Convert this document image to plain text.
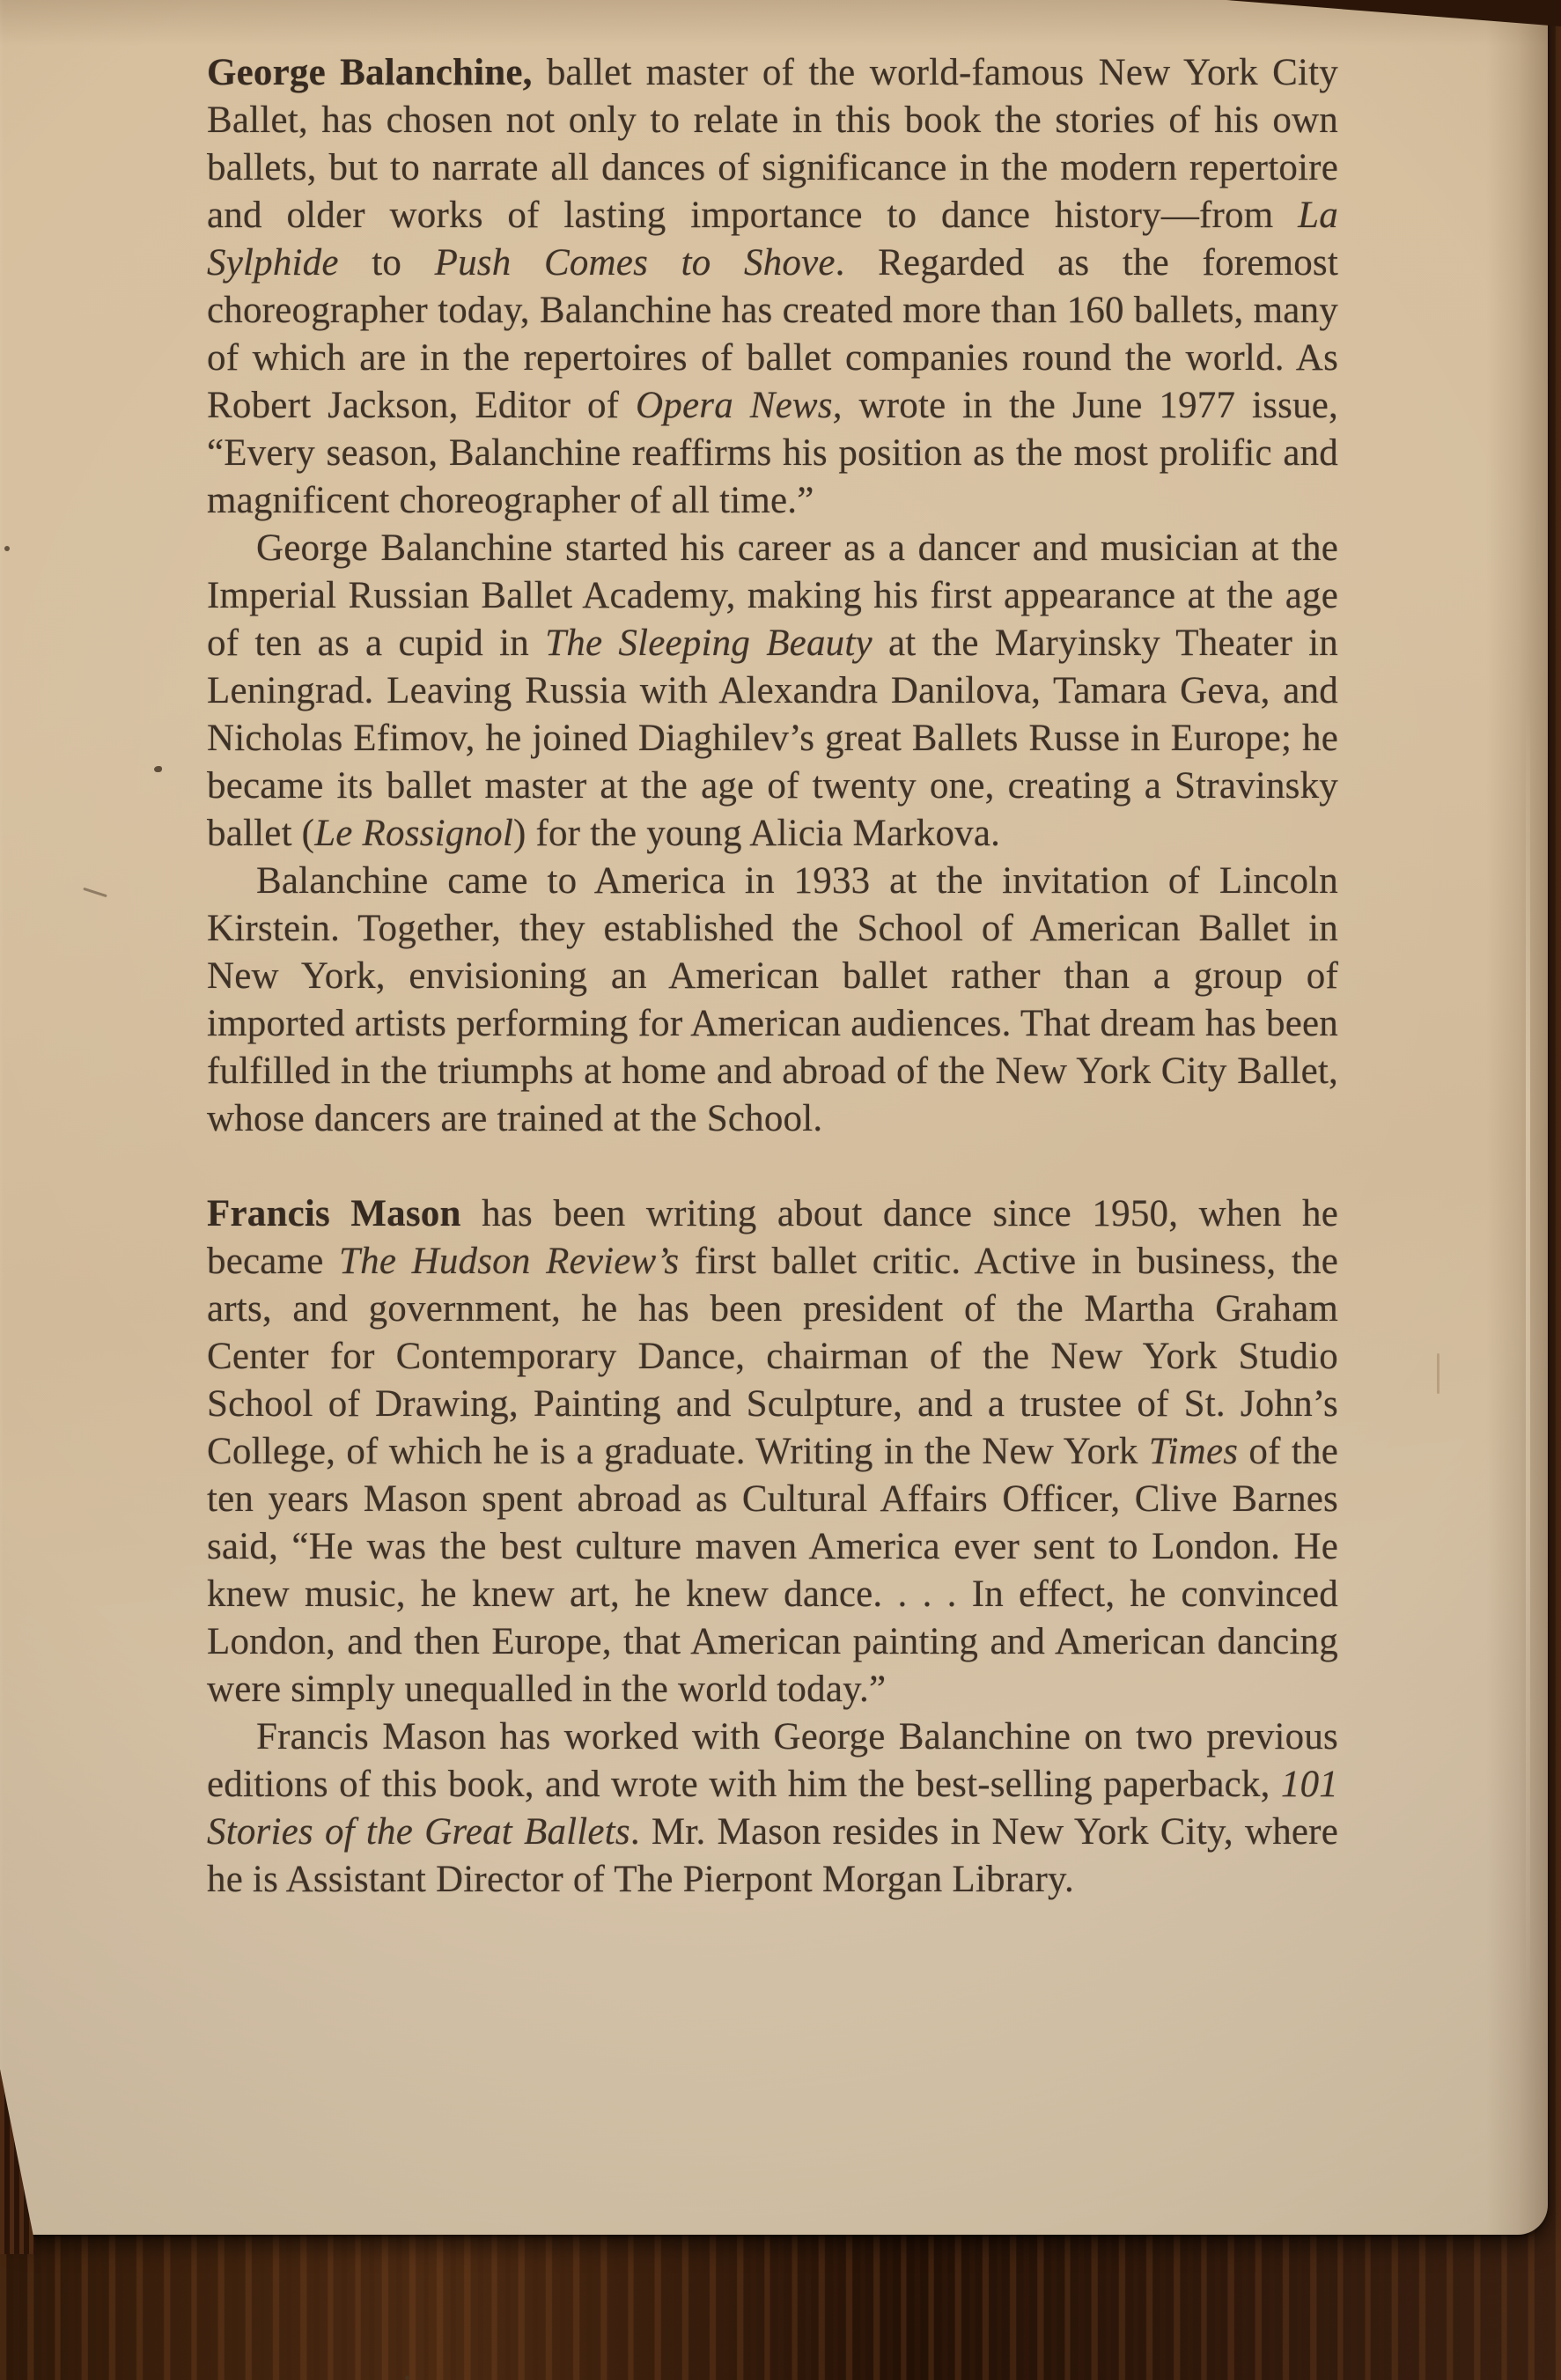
George Balanchine, ballet master of the world-famous New York City Ballet, has chosen not only to relate in this book the stories of his own ballets, but to narrate all dances of significance in the modern repertoire and older works of lasting importance to dance history—from La Sylphide to Push Comes to Shove. Regarded as the foremost choreographer today, Balanchine has created more than 160 ballets, many of which are in the repertoires of ballet companies round the world. As Robert Jackson, Editor of Opera News, wrote in the June 1977 issue, “Every season, Balanchine reaffirms his position as the most prolific and magnificent choreographer of all time.”

George Balanchine started his career as a dancer and musician at the Imperial Russian Ballet Academy, making his first appearance at the age of ten as a cupid in The Sleeping Beauty at the Maryinsky Theater in Leningrad. Leaving Russia with Alexandra Danilova, Tamara Geva, and Nicholas Efimov, he joined Diaghilev’s great Ballets Russe in Europe; he became its ballet master at the age of twenty one, creating a Stravinsky ballet (Le Rossignol) for the young Alicia Markova.

Balanchine came to America in 1933 at the invitation of Lincoln Kirstein. Together, they established the School of American Ballet in New York, envisioning an American ballet rather than a group of imported artists performing for American audiences. That dream has been fulfilled in the triumphs at home and abroad of the New York City Ballet, whose dancers are trained at the School.

Francis Mason has been writing about dance since 1950, when he became The Hudson Review’s first ballet critic. Active in business, the arts, and government, he has been president of the Martha Graham Center for Contemporary Dance, chairman of the New York Studio School of Drawing, Painting and Sculpture, and a trustee of St. John’s College, of which he is a graduate. Writing in the New York Times of the ten years Mason spent abroad as Cultural Affairs Officer, Clive Barnes said, “He was the best culture maven America ever sent to London. He knew music, he knew art, he knew dance. . . . In effect, he convinced London, and then Europe, that American painting and American dancing were simply unequalled in the world today.”

Francis Mason has worked with George Balanchine on two previous editions of this book, and wrote with him the best-selling paperback, 101 Stories of the Great Ballets. Mr. Mason resides in New York City, where he is Assistant Director of The Pierpont Morgan Library.
